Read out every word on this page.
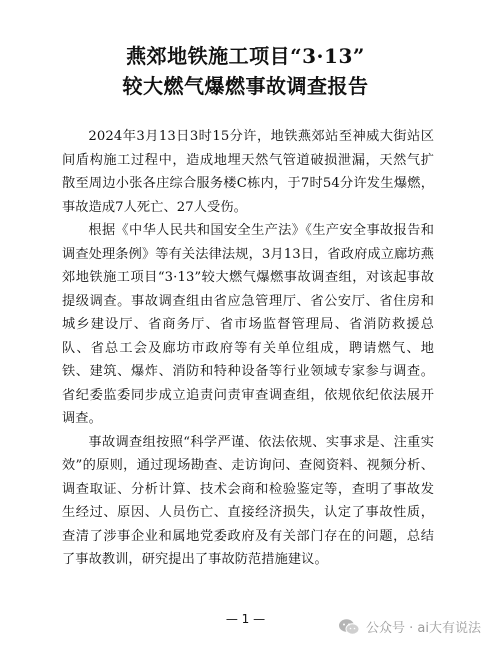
燕郊地铁施工项目“3·13”
较大燃气爆燃事故调查报告

2024年3月13日3时15分许，地铁燕郊站至神威大街站区间盾构施工过程中，造成地埋天然气管道破损泄漏，天然气扩散至周边小张各庄综合服务楼C栋内，于7时54分许发生爆燃，事故造成7人死亡、27人受伤。

根据《中华人民共和国安全生产法》《生产安全事故报告和调查处理条例》等有关法律法规，3月13日，省政府成立廊坊燕郊地铁施工项目“3·13”较大燃气爆燃事故调查组，对该起事故提级调查。事故调查组由省应急管理厅、省公安厅、省住房和城乡建设厅、省商务厅、省市场监督管理局、省消防救援总队、省总工会及廊坊市政府等有关单位组成，聘请燃气、地铁、建筑、爆炸、消防和特种设备等行业领域专家参与调查。省纪委监委同步成立追责问责审查调查组，依规依纪依法展开调查。

事故调查组按照“科学严谨、依法依规、实事求是、注重实效”的原则，通过现场勘查、走访询问、查阅资料、视频分析、调查取证、分析计算、技术会商和检验鉴定等，查明了事故发生经过、原因、人员伤亡、直接经济损失，认定了事故性质，查清了涉事企业和属地党委政府及有关部门存在的问题，总结了事故教训，研究提出了事故防范措施建议。

— 1 —
公众号 · ai大有说法
